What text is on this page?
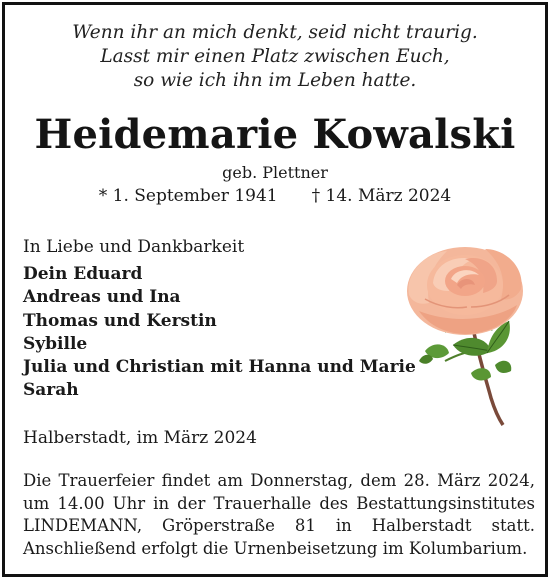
Wenn ihr an mich denkt, seid nicht traurig.
Lasst mir einen Platz zwischen Euch,
so wie ich ihn im Leben hatte.
Heidemarie Kowalski
geb. Plettner
* 1. September 1941 † 14. März 2024
In Liebe und Dankbarkeit
Dein Eduard
Andreas und Ina
Thomas und Kerstin
Sybille
Julia und Christian mit Hanna und Marie
Sarah
Halberstadt, im März 2024
Die Trauerfeier findet am Donnerstag, dem 28. März 2024, um 14.00 Uhr in der Trauerhalle des Bestattungsinstitutes LINDEMANN, Gröperstraße 81 in Halberstadt statt. Anschließend erfolgt die Urnenbeisetzung im Kolumbarium.
